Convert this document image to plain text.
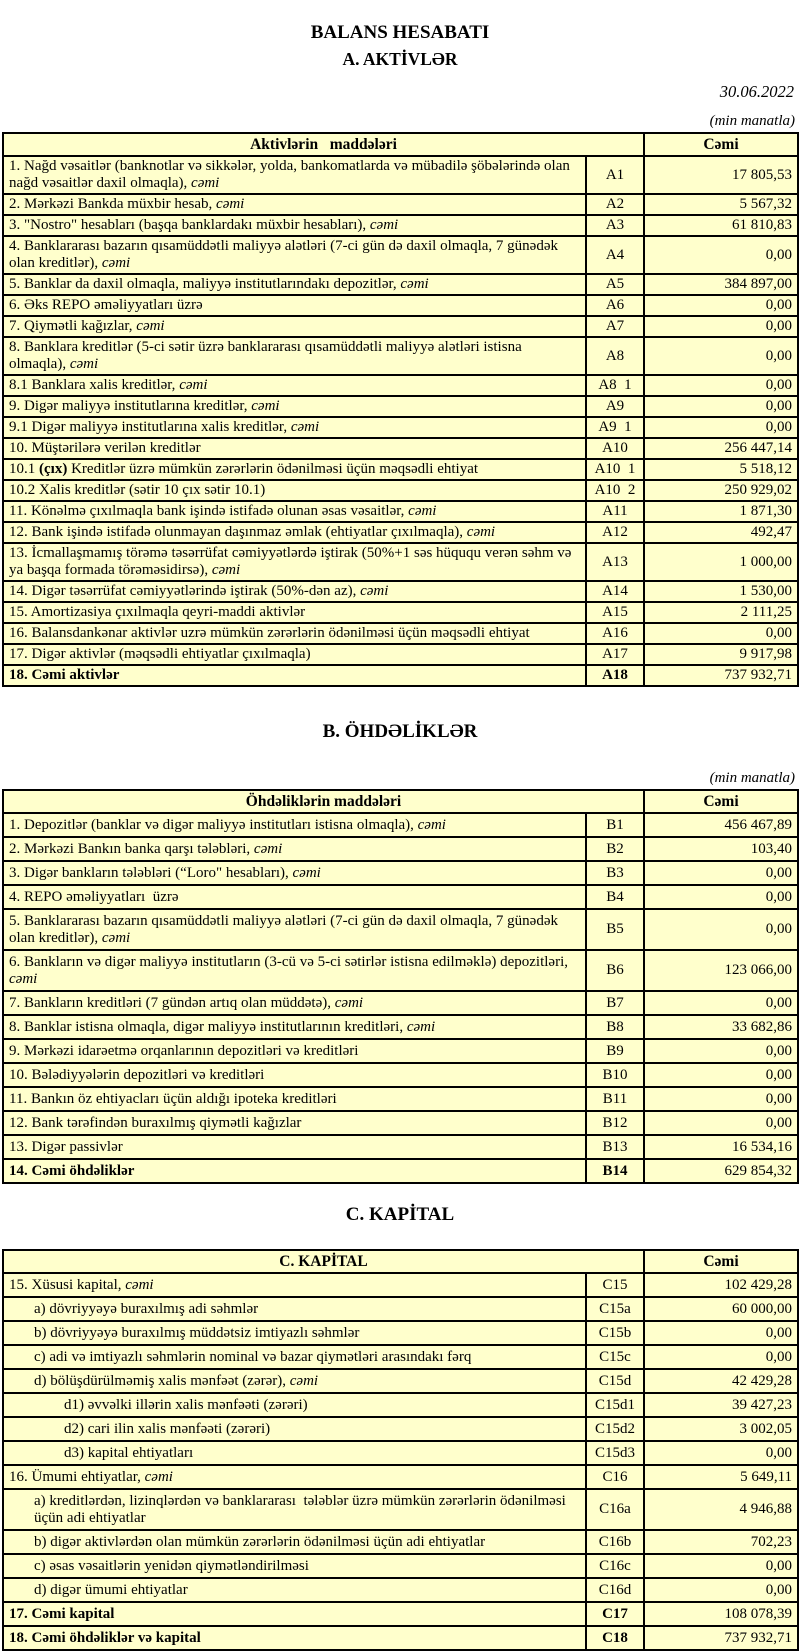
BALANS HESABATI
A. AKTİVLƏR
30.06.2022
(min manatla)
Aktivlərin   maddələri		Cəmi
1. Nağd vəsaitlər (banknotlar və sikkələr, yolda, bankomatlarda və mübadilə şöbələrində olan nağd vəsaitlər daxil olmaqla), cəmi	A1	17 805,53
2. Mərkəzi Bankda müxbir hesab, cəmi	A2	5 567,32
3. "Nostro" hesabları (başqa banklardakı müxbir hesabları), cəmi	A3	61 810,83
4. Banklararası bazarın qısamüddətli maliyyə alətləri (7-ci gün də daxil olmaqla, 7 günədək olan kreditlər), cəmi	A4	0,00
5. Banklar da daxil olmaqla, maliyyə institutlarındakı depozitlər, cəmi	A5	384 897,00
6. Əks REPO əməliyyatları üzrə	A6	0,00
7. Qiymətli kağızlar, cəmi	A7	0,00
8. Banklara kreditlər (5-ci sətir üzrə banklararası qısamüddətli maliyyə alətləri istisna olmaqla), cəmi	A8	0,00
8.1 Banklara xalis kreditlər, cəmi	A8  1	0,00
9. Digər maliyyə institutlarına kreditlər, cəmi	A9	0,00
9.1 Digər maliyyə institutlarına xalis kreditlər, cəmi	A9  1	0,00
10. Müştərilərə verilən kreditlər	A10	256 447,14
10.1 (çıx) Kreditlər üzrə mümkün zərərlərin ödənilməsi üçün məqsədli ehtiyat	A10  1	5 518,12
10.2 Xalis kreditlər (sətir 10 çıx sətir 10.1)	A10  2	250 929,02
11. Könəlmə çıxılmaqla bank işində istifadə olunan əsas vəsaitlər, cəmi	A11	1 871,30
12. Bank işində istifadə olunmayan daşınmaz əmlak (ehtiyatlar çıxılmaqla), cəmi	A12	492,47
13. İcmallaşmamış törəmə təsərrüfat cəmiyyətlərdə iştirak (50%+1 səs hüququ verən səhm və ya başqa formada törəməsidirsə), cəmi	A13	1 000,00
14. Digər təsərrüfat cəmiyyətlərində iştirak (50%-dən az), cəmi	A14	1 530,00
15. Amortizasiya çıxılmaqla qeyri-maddi aktivlər	A15	2 111,25
16. Balansdankənar aktivlər uzrə mümkün zərərlərin ödənilməsi üçün məqsədli ehtiyat	A16	0,00
17. Digər aktivlər (məqsədli ehtiyatlar çıxılmaqla)	A17	9 917,98
18. Cəmi aktivlər	A18	737 932,71
B. ÖHDƏLİKLƏR
(min manatla)
Öhdəliklərin maddələri		Cəmi
1. Depozitlər (banklar və digər maliyyə institutları istisna olmaqla), cəmi	B1	456 467,89
2. Mərkəzi Bankın banka qarşı tələbləri, cəmi	B2	103,40
3. Digər bankların tələbləri (“Loro" hesabları), cəmi	B3	0,00
4. REPO əməliyyatları  üzrə	B4	0,00
5. Banklararası bazarın qısamüddətli maliyyə alətləri (7-ci gün də daxil olmaqla, 7 günədək olan kreditlər), cəmi	B5	0,00
6. Bankların və digər maliyyə institutların (3-cü və 5-ci sətirlər istisna edilməklə) depozitləri, cəmi	B6	123 066,00
7. Bankların kreditləri (7 gündən artıq olan müddətə), cəmi	B7	0,00
8. Banklar istisna olmaqla, digər maliyyə institutlarının kreditləri, cəmi	B8	33 682,86
9. Mərkəzi idarəetmə orqanlarının depozitləri və kreditləri	B9	0,00
10. Bələdiyyələrin depozitləri və kreditləri	B10	0,00
11. Bankın öz ehtiyacları üçün aldığı ipoteka kreditləri	B11	0,00
12. Bank tərəfindən buraxılmış qiymətli kağızlar	B12	0,00
13. Digər passivlər	B13	16 534,16
14. Cəmi öhdəliklər	B14	629 854,32
C. KAPİTAL
C. KAPİTAL		Cəmi
15. Xüsusi kapital, cəmi	C15	102 429,28
a) dövriyyəyə buraxılmış adi səhmlər	C15a	60 000,00
b) dövriyyəyə buraxılmış müddətsiz imtiyazlı səhmlər	C15b	0,00
c) adi və imtiyazlı səhmlərin nominal və bazar qiymətləri arasındakı fərq	C15c	0,00
d) bölüşdürülməmiş xalis mənfəət (zərər), cəmi	C15d	42 429,28
d1) əvvəlki illərin xalis mənfəəti (zərəri)	C15d1	39 427,23
d2) cari ilin xalis mənfəəti (zərəri)	C15d2	3 002,05
d3) kapital ehtiyatları	C15d3	0,00
16. Ümumi ehtiyatlar, cəmi	C16	5 649,11
a) kreditlərdən, lizinqlərdən və banklararası  tələblər üzrə mümkün zərərlərin ödənilməsi üçün adi ehtiyatlar	C16a	4 946,88
b) digər aktivlərdən olan mümkün zərərlərin ödənilməsi üçün adi ehtiyatlar	C16b	702,23
c) əsas vəsaitlərin yenidən qiymətləndirilməsi	C16c	0,00
d) digər ümumi ehtiyatlar	C16d	0,00
17. Cəmi kapital	C17	108 078,39
18. Cəmi öhdəliklər və kapital	C18	737 932,71
